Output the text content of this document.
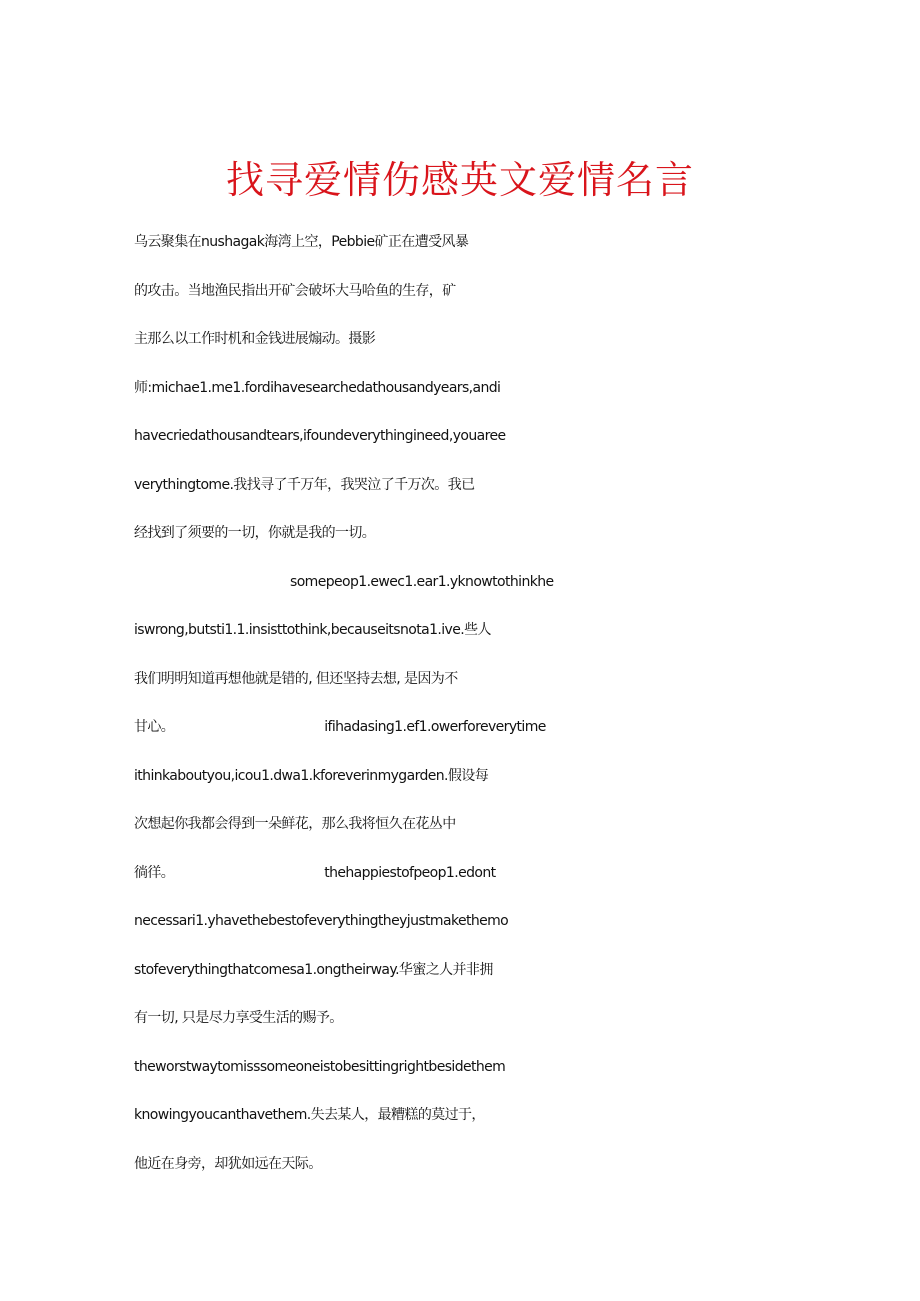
找寻爱情伤感英文爱情名言

乌云聚集在nushagak海湾上空，Pebbie矿正在遭受风暴

的攻击。当地渔民指出开矿会破坏大马哈鱼的生存，矿

主那么以工作时机和金钱进展煽动。摄影

师:michae1.me1.fordihavesearchedathousandyears,andi

havecriedathousandtears,ifoundeverythingineed,youaree

verythingtome.我找寻了千万年，我哭泣了千万次。我已

经找到了须要的一切，你就是我的一切。

somepeop1.ewec1.ear1.yknowtothinkhe

iswrong,butsti1.1.insisttothink,becauseitsnota1.ive.些人

我们明明知道再想他就是错的, 但还坚持去想, 是因为不

甘心。	ifihadasing1.ef1.owerforeverytime

ithinkaboutyou,icou1.dwa1.kforeverinmygarden.假设每

次想起你我都会得到一朵鲜花，那么我将恒久在花丛中

徜徉。	thehappiestofpeop1.edont

necessari1.yhavethebestofeverythingtheyjustmakethemo

stofeverythingthatcomesa1.ongtheirway.华蜜之人并非拥

有一切, 只是尽力享受生活的赐予。

theworstwaytomisssomeoneistobesittingrightbesidethem

knowingyoucanthavethem.失去某人，最糟糕的莫过于，

他近在身旁，却犹如远在天际。
